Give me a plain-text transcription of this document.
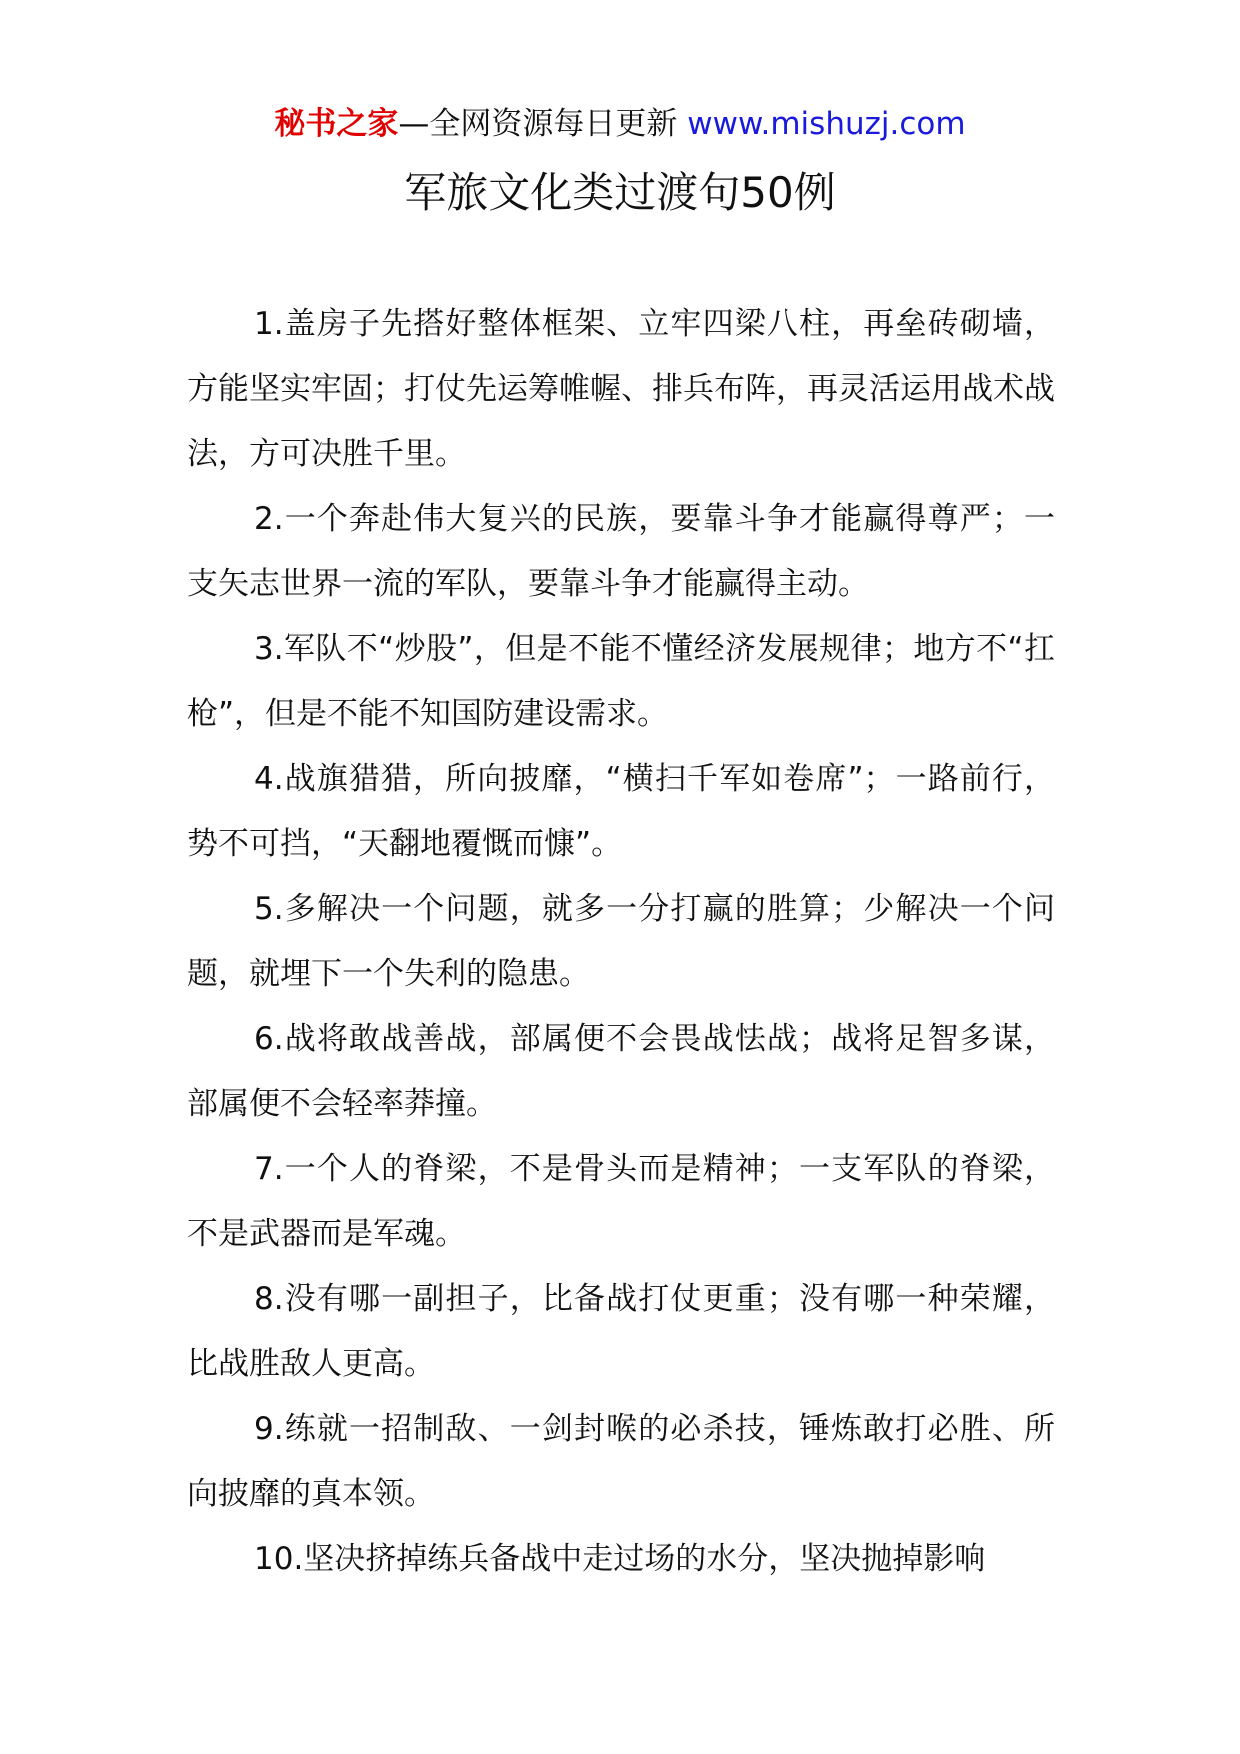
秘书之家—全网资源每日更新 www.mishuzj.com
军旅文化类过渡句50例

1.盖房子先搭好整体框架、立牢四梁八柱，再垒砖砌墙，方能坚实牢固；打仗先运筹帷幄、排兵布阵，再灵活运用战术战法，方可决胜千里。

2.一个奔赴伟大复兴的民族，要靠斗争才能赢得尊严；一支矢志世界一流的军队，要靠斗争才能赢得主动。

3.军队不“炒股”，但是不能不懂经济发展规律；地方不“扛枪”，但是不能不知国防建设需求。

4.战旗猎猎，所向披靡，“横扫千军如卷席”；一路前行，势不可挡，“天翻地覆慨而慷”。

5.多解决一个问题，就多一分打赢的胜算；少解决一个问题，就埋下一个失利的隐患。

6.战将敢战善战，部属便不会畏战怯战；战将足智多谋，部属便不会轻率莽撞。

7.一个人的脊梁，不是骨头而是精神；一支军队的脊梁，不是武器而是军魂。

8.没有哪一副担子，比备战打仗更重；没有哪一种荣耀，比战胜敌人更高。

9.练就一招制敌、一剑封喉的必杀技，锤炼敢打必胜、所向披靡的真本领。

10.坚决挤掉练兵备战中走过场的水分，坚决抛掉影响
